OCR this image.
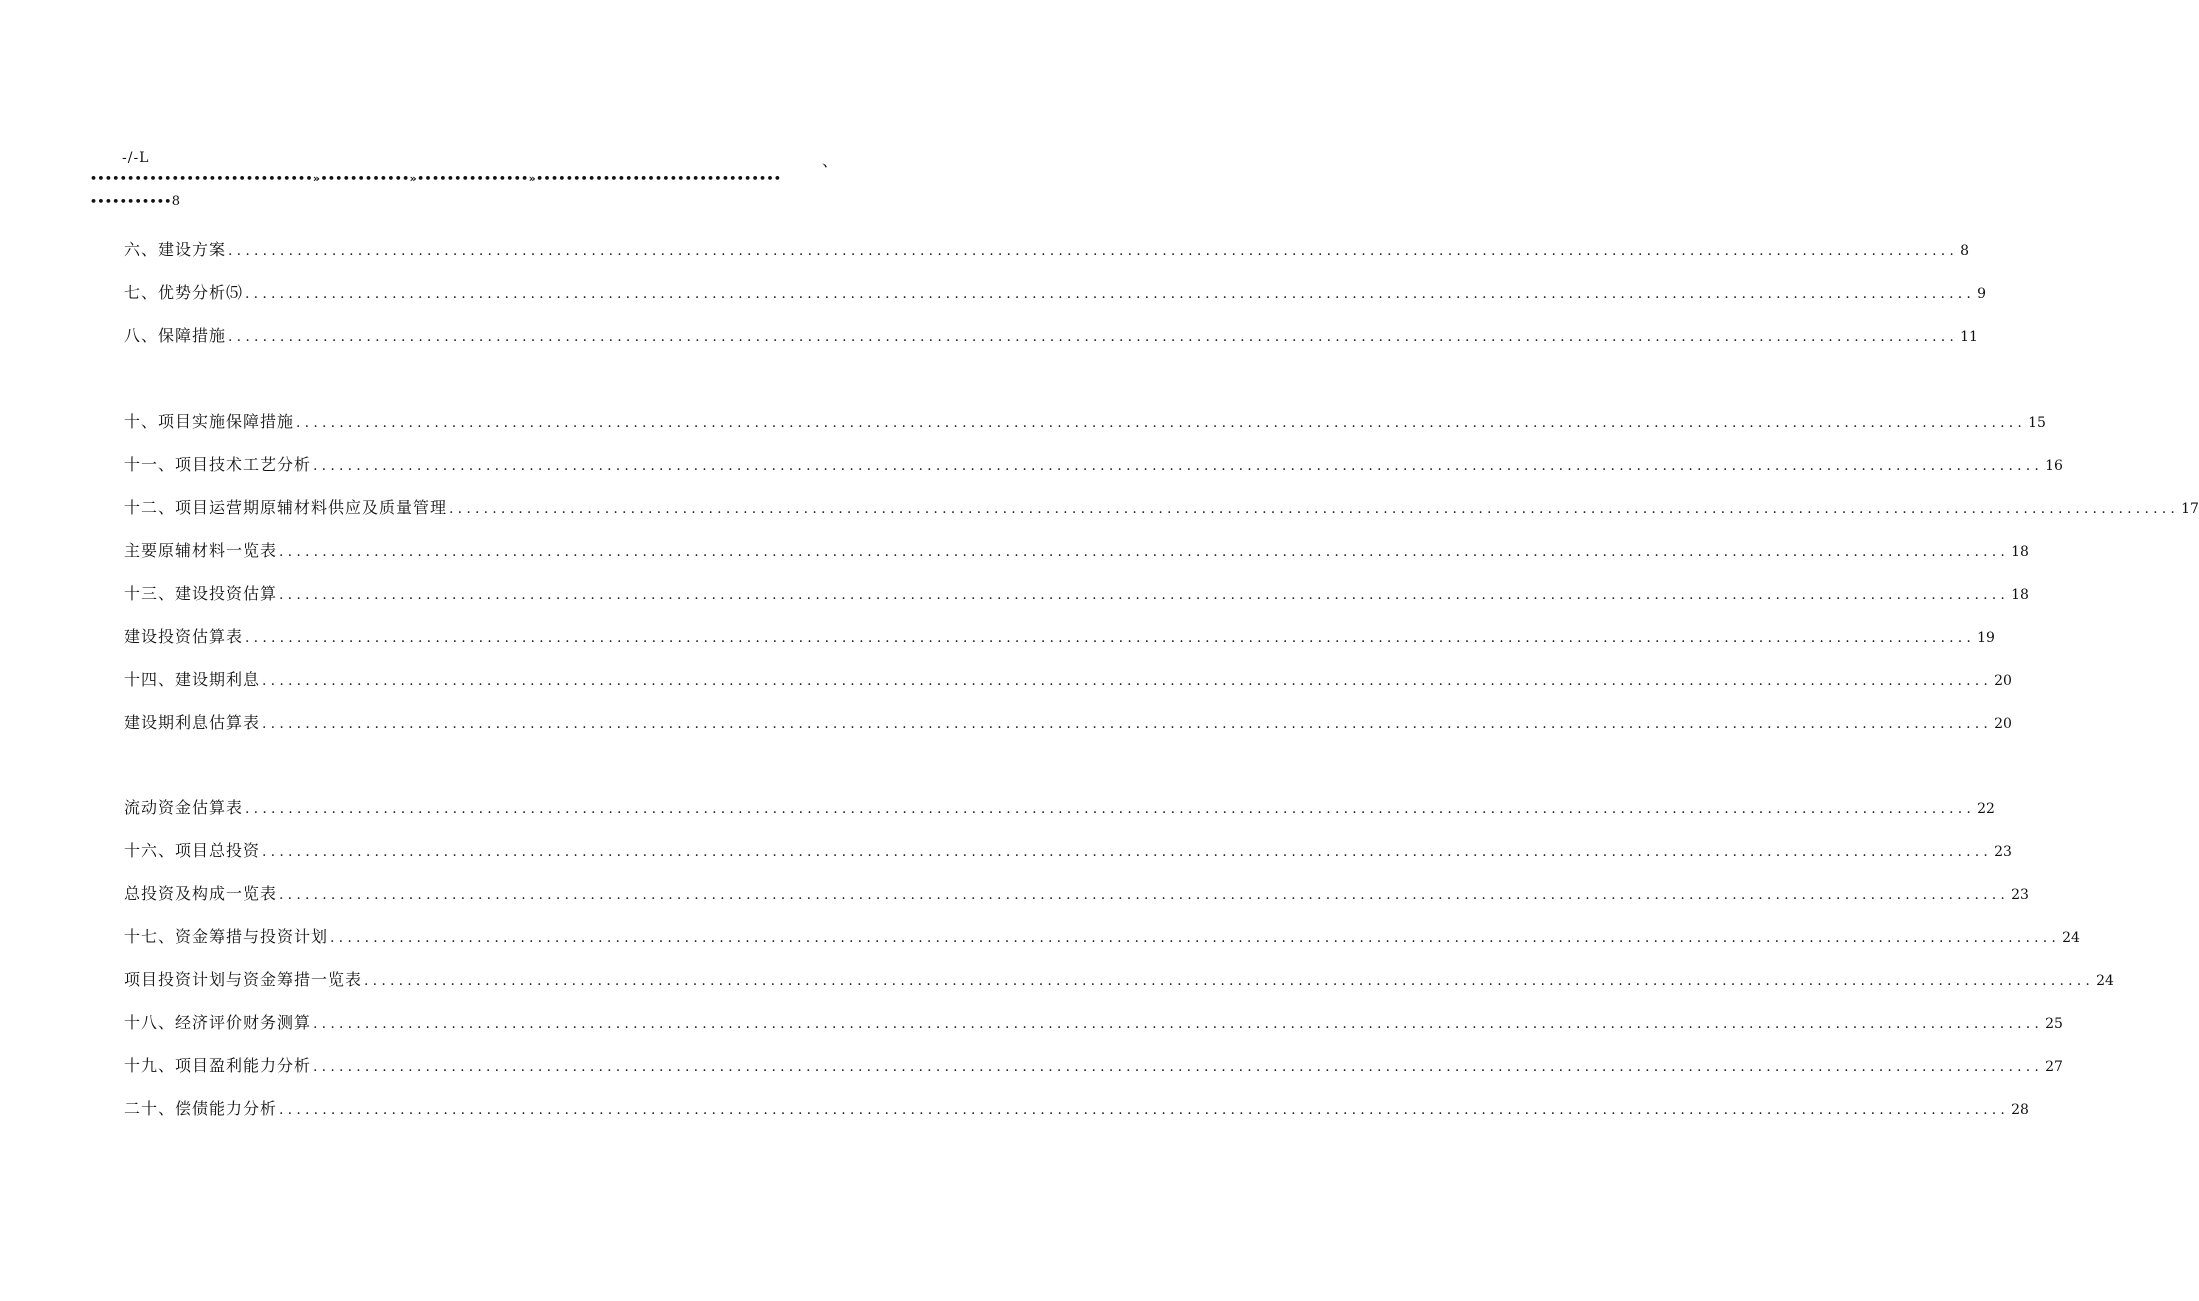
-/-L	、
••••••••••••••••••••••••••••••»••••••••••••»•••••••••••••••»•••••••••••••••••••••••••••••••••
•••••••••••8
六、建设方案 ........................................................................................................................................................................................................ 8
七、优势分析⑸ ........................................................................................................................................................................................................ 9
八、保障措施 ........................................................................................................................................................................................................ 11
十、项目实施保障措施 ........................................................................................................................................................................................................ 15
十一、项目技术工艺分析 ........................................................................................................................................................................................................ 16
十二、项目运营期原辅材料供应及质量管理 ........................................................................................................................................................................................................ 17
主要原辅材料一览表 ........................................................................................................................................................................................................ 18
十三、建设投资估算 ........................................................................................................................................................................................................ 18
建设投资估算表 ........................................................................................................................................................................................................ 19
十四、建设期利息 ........................................................................................................................................................................................................ 20
建设期利息估算表 ........................................................................................................................................................................................................ 20
流动资金估算表 ........................................................................................................................................................................................................ 22
十六、项目总投资 ........................................................................................................................................................................................................ 23
总投资及构成一览表 ........................................................................................................................................................................................................ 23
十七、资金筹措与投资计划 ........................................................................................................................................................................................................ 24
项目投资计划与资金筹措一览表 ........................................................................................................................................................................................................ 24
十八、经济评价财务测算 ........................................................................................................................................................................................................ 25
十九、项目盈利能力分析 ........................................................................................................................................................................................................ 27
二十、偿债能力分析 ........................................................................................................................................................................................................ 28
